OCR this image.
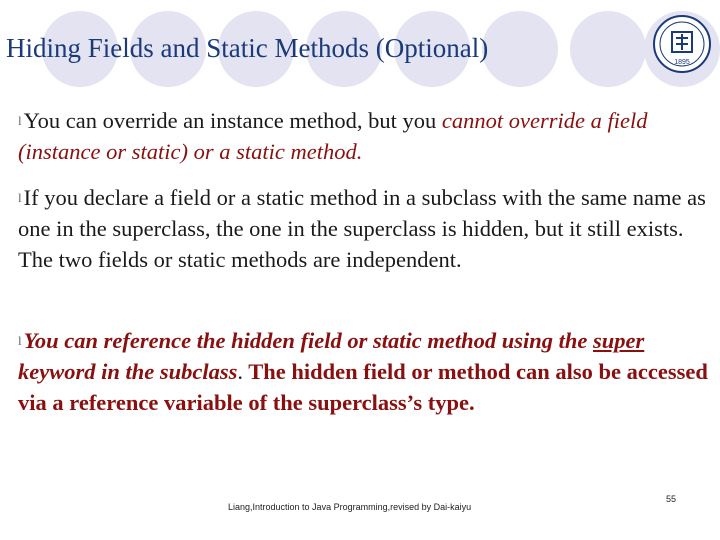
Hiding Fields and Static Methods (Optional)	1895

lYou can override an instance method, but you cannot override a field (instance or static) or a static method.

lIf you declare a field or a static method in a subclass with the same name as one in the superclass, the one in the superclass is hidden, but it still exists. The two fields or static methods are independent.

lYou can reference the hidden field or static method using the super keyword in the subclass. The hidden field or method can also be accessed via a reference variable of the superclass’s type.

Liang,Introduction to Java Programming,revised by Dai-kaiyu
55
